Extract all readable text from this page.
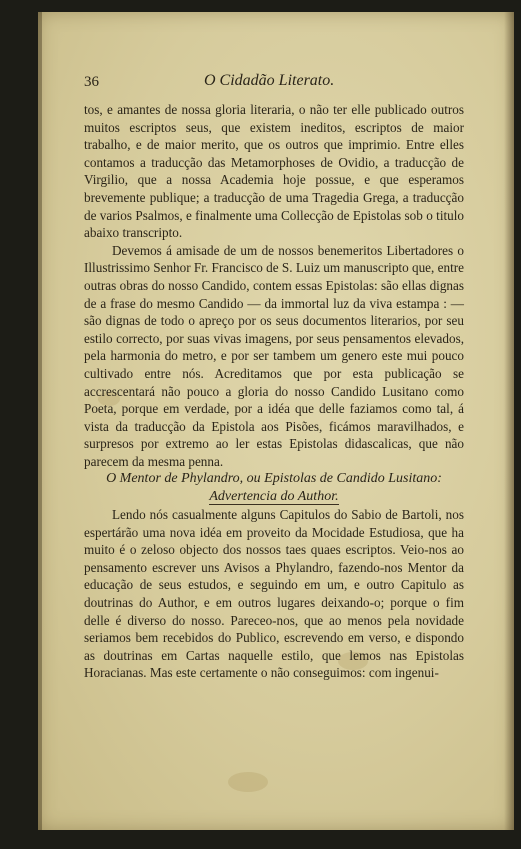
36	O Cidadão Literato.

tos, e amantes de nossa gloria literaria, o não ter elle publicado outros muitos escriptos seus, que existem ineditos, escriptos de maior trabalho, e de maior merito, que os outros que imprimio. Entre elles contamos a traducção das Metamorphoses de Ovidio, a traducção de Virgilio, que a nossa Academia hoje possue, e que esperamos brevemente publique; a traducção de uma Tragedia Grega, a traducção de varios Psalmos, e finalmente uma Collecção de Epistolas sob o titulo abaixo transcripto.

Devemos á amisade de um de nossos benemeritos Libertadores o Illustrissimo Senhor Fr. Francisco de S. Luiz um manuscripto que, entre outras obras do nosso Candido, contem essas Epistolas: são ellas dignas de a frase do mesmo Candido — da immortal luz da viva estampa : — são dignas de todo o apreço por os seus documentos literarios, por seu estilo correcto, por suas vivas imagens, por seus pensamentos elevados, pela harmonia do metro, e por ser tambem um genero este mui pouco cultivado entre nós. Acreditamos que por esta publicação se accrescentará não pouco a gloria do nosso Candido Lusitano como Poeta, porque em verdade, por a idéa que delle faziamos como tal, á vista da traducção da Epistola aos Pisões, ficámos maravilhados, e surpresos por extremo ao ler estas Epistolas didascalicas, que não parecem da mesma penna.

O Mentor de Phylandro, ou Epistolas de Candido Lusitano:

Advertencia do Author.

Lendo nós casualmente alguns Capitulos do Sabio de Bartoli, nos espertárão uma nova idéa em proveito da Mocidade Estudiosa, que ha muito é o zeloso objecto dos nossos taes quaes escriptos. Veio-nos ao pensamento escrever uns Avisos a Phylandro, fazendo-nos Mentor da educação de seus estudos, e seguindo em um, e outro Capitulo as doutrinas do Author, e em outros lugares deixando-o; porque o fim delle é diverso do nosso. Pareceo-nos, que ao menos pela novidade seriamos bem recebidos do Publico, escrevendo em verso, e dispondo as doutrinas em Cartas naquelle estilo, que lemos nas Epistolas Horacianas. Mas este certamente o não conseguimos: com ingenui-
